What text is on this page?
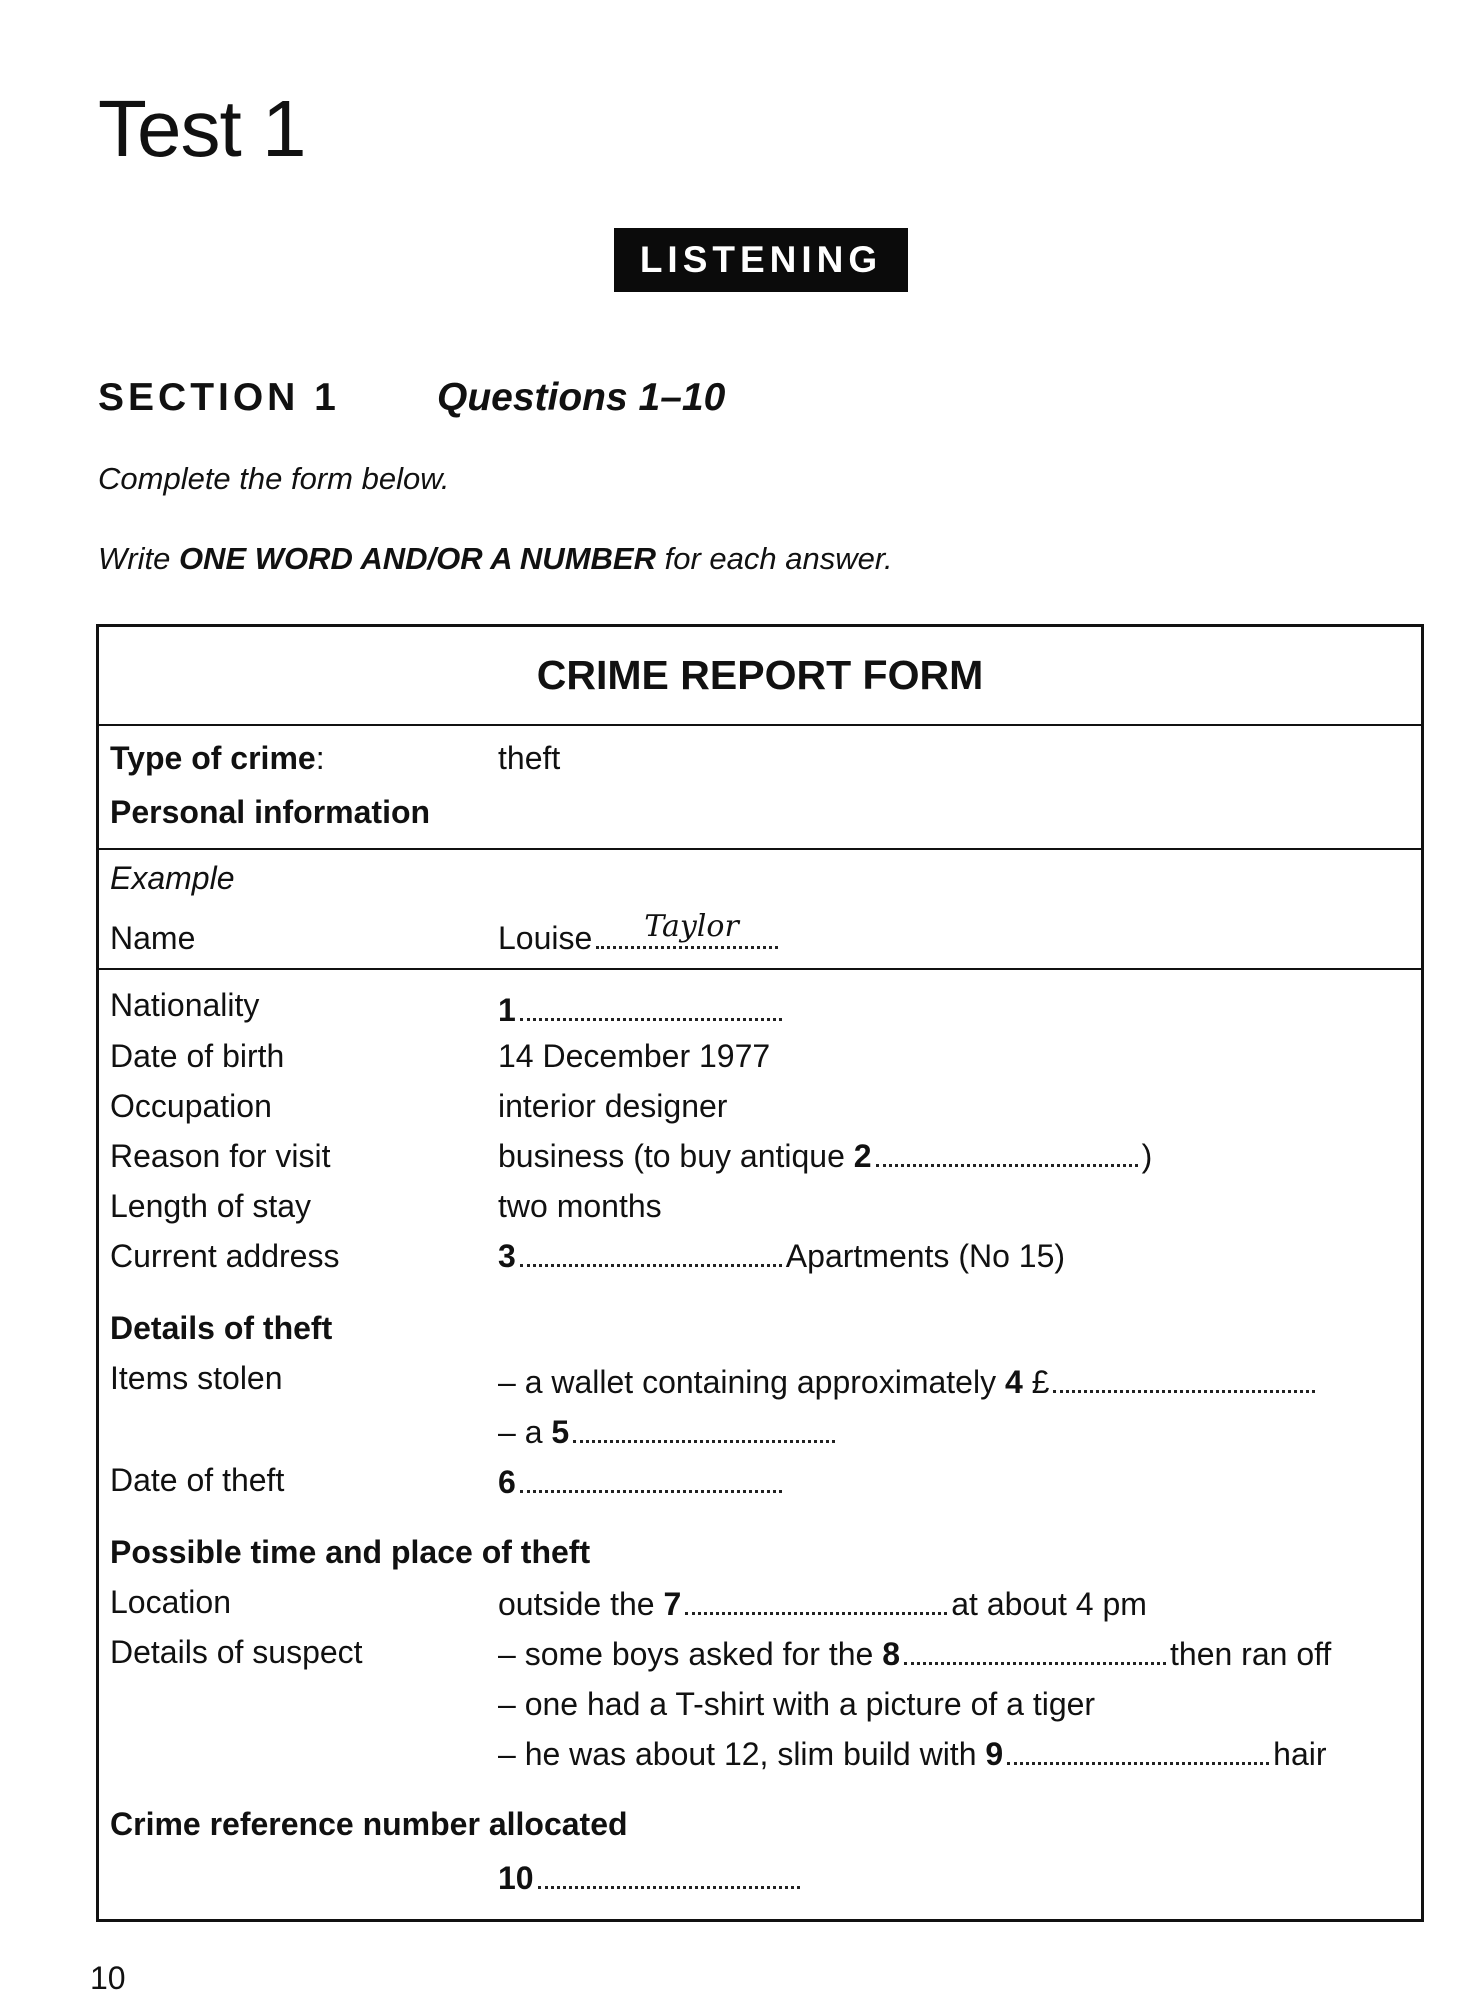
Test 1
LISTENING
SECTION 1 Questions 1–10
Complete the form below.
Write ONE WORD AND/OR A NUMBER for each answer.
CRIME REPORT FORM
Type of crime:	theft
Personal information
Example
Name	Louise Taylor
Nationality	1
Date of birth	14 December 1977
Occupation	interior designer
Reason for visit	business (to buy antique 2	)
Length of stay	two months
Current address	3	Apartments (No 15)
Details of theft
Items stolen	– a wallet containing approximately 4 £
– a 5
Date of theft	6
Possible time and place of theft
Location	outside the 7	at about 4 pm
Details of suspect	– some boys asked for the 8	then ran off
– one had a T-shirt with a picture of a tiger
– he was about 12, slim build with 9	hair
Crime reference number allocated
10
10
